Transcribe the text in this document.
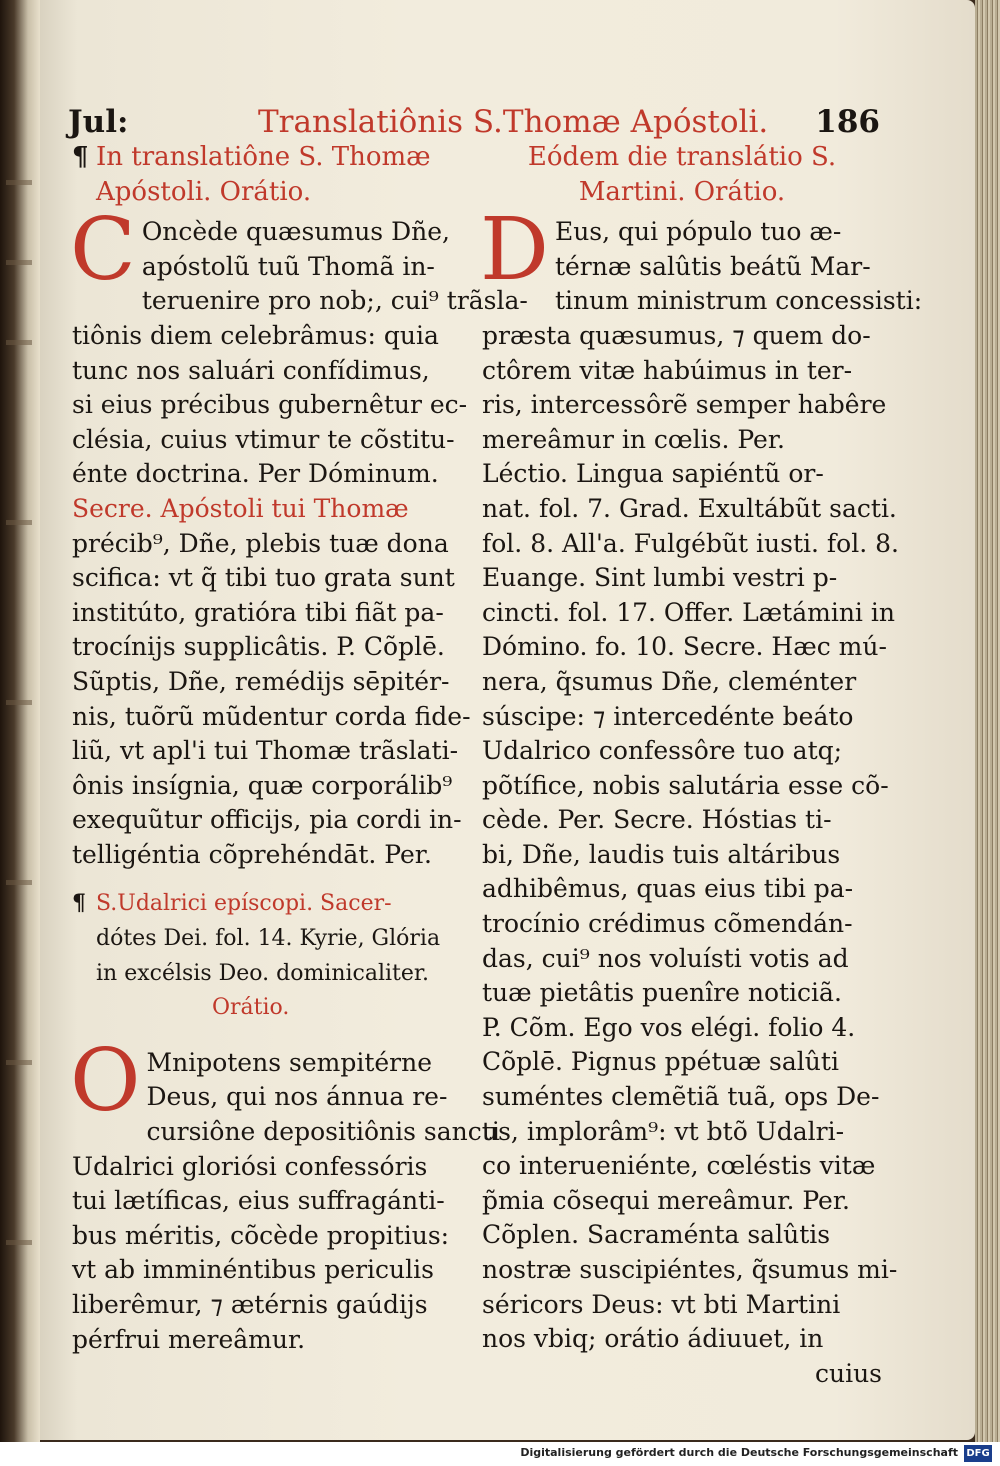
Jul:	Translatiônis S.Thomæ Apóstoli. 186
¶ In translatiône S. Thomæ
Apóstoli. Orátio.
C Oncède quæsumus Dñe,
apóstolũ tuũ Thomã in-
teruenire pro nob;, cui⁹ trãsla-
tiônis diem celebrâmus: quia
tunc nos saluári confídimus,
si eius précibus gubernêtur ec-
clésia, cuius vtimur te cõstitu-
énte doctrina. Per Dóminum.
Secre. Apóstoli tui Thomæ
précib⁹, Dñe, plebis tuæ dona
scifica: vt q̃ tibi tuo grata sunt
institúto, gratióra tibi fiãt pa-
trocínijs supplicâtis. P. Cõplē.
Sũptis, Dñe, remédijs sēpitér-
nis, tuõrũ mũdentur corda fide-
liũ, vt apl'i tui Thomæ trãslati-
ônis insígnia, quæ corporálib⁹
exequũtur officijs, pia cordi in-
telligéntia cõprehéndāt. Per.
¶ S.Udalrici epíscopi. Sacer-
dótes Dei. fol. 14. Kyrie, Glória
in excélsis Deo. dominicaliter.
Orátio.
O Mnipotens sempitérne
Deus, qui nos ánnua re-
cursiône depositiônis sancti
Udalrici gloriósi confessóris
tui lætíficas, eius suffragánti-
bus méritis, cõcède propitius:
vt ab imminéntibus periculis
liberêmur, ⁊ ætérnis gaúdijs
pérfrui mereâmur.
Eódem die translátio S.
Martini. Orátio.
D Eus, qui pópulo tuo æ-
térnæ salûtis beátũ Mar-
tinum ministrum concessisti:
præsta quæsumus, ⁊ quem do-
ctôrem vitæ habúimus in ter-
ris, intercessôrẽ semper habêre
mereâmur in cœlis. Per.
Léctio. Lingua sapiéntũ or-
nat. fol. 7. Grad. Exultábũt sacti.
fol. 8. All'a. Fulgébũt iusti. fol. 8.
Euange. Sint lumbi vestri p-
cincti. fol. 17. Offer. Lætámini in
Dómino. fo. 10. Secre. Hæc mú-
nera, q̃sumus Dñe, cleménter
súscipe: ⁊ intercedénte beáto
Udalrico confessôre tuo atq;
põtífice, nobis salutária esse cõ-
cède. Per. Secre. Hóstias ti-
bi, Dñe, laudis tuis altáribus
adhibêmus, quas eius tibi pa-
trocínio crédimus cõmendán-
das, cui⁹ nos voluísti votis ad
tuæ pietâtis puenîre noticiã.
P. Cõm. Ego vos elégi. folio 4.
Cõplē. Pignus ppétuæ salûti
suméntes clemẽtiã tuã, ops De-
us, implorâm⁹: vt btõ Udalri-
co interueniénte, cœléstis vitæ
p̃mia cõsequi mereâmur. Per.
Cõplen. Sacraménta salûtis
nostræ suscipiéntes, q̃sumus mi-
séricors Deus: vt bti Martini
nos vbiq; orátio ádiuuet, in
cuius
Digitalisierung gefördert durch die Deutsche Forschungsgemeinschaft DFG
